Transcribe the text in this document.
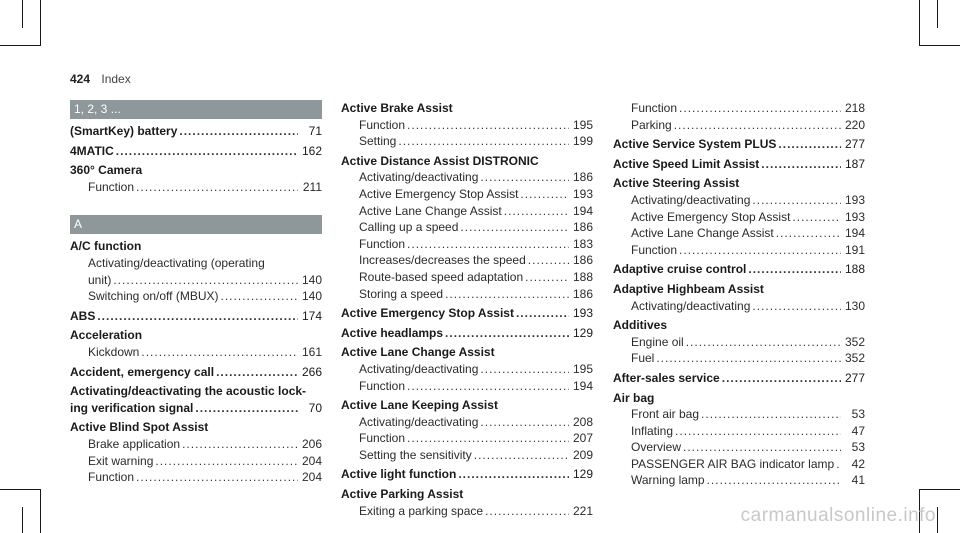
424 Index
1, 2, 3 ...
(SmartKey) battery .....	71
4MATIC .....	162
360° Camera
Function .....	211
A
A/C function
Activating/deactivating (operating
unit) .....	140
Switching on/off (MBUX) .....	140
ABS .....	174
Acceleration
Kickdown .....	161
Accident, emergency call .....	266
Activating/deactivating the acoustic lock-
ing verification signal .....	70
Active Blind Spot Assist
Brake application .....	206
Exit warning .....	204
Function .....	204
Active Brake Assist
Function .....	195
Setting .....	199
Active Distance Assist DISTRONIC
Activating/deactivating .....	186
Active Emergency Stop Assist .....	193
Active Lane Change Assist .....	194
Calling up a speed .....	186
Function .....	183
Increases/decreases the speed .....	186
Route-based speed adaptation .....	188
Storing a speed .....	186
Active Emergency Stop Assist .....	193
Active headlamps .....	129
Active Lane Change Assist
Activating/deactivating .....	195
Function .....	194
Active Lane Keeping Assist
Activating/deactivating .....	208
Function .....	207
Setting the sensitivity .....	209
Active light function .....	129
Active Parking Assist
Exiting a parking space .....	221
Function .....	218
Parking .....	220
Active Service System PLUS .....	277
Active Speed Limit Assist .....	187
Active Steering Assist
Activating/deactivating .....	193
Active Emergency Stop Assist .....	193
Active Lane Change Assist .....	194
Function .....	191
Adaptive cruise control .....	188
Adaptive Highbeam Assist
Activating/deactivating .....	130
Additives
Engine oil .....	352
Fuel .....	352
After-sales service .....	277
Air bag
Front air bag .....	53
Inflating .....	47
Overview .....	53
PASSENGER AIR BAG indicator lamp .....	42
Warning lamp .....	41
carmanualsonline.info
